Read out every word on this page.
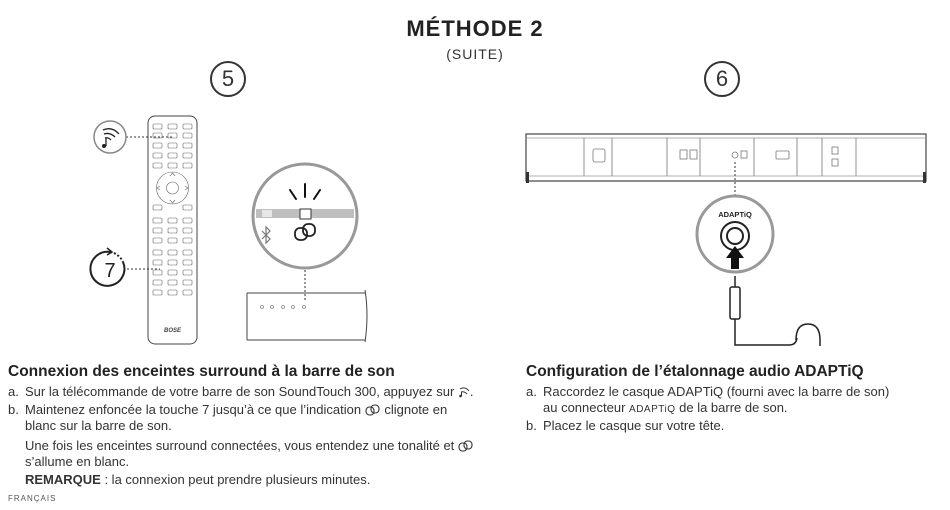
MÉTHODE 2
(SUITE)
5	6
BOSE
7
ADAPTiQ
Connexion des enceintes surround à la barre de son
a. Sur la télécommande de votre barre de son SoundTouch 300, appuyez sur .
b. Maintenez enfoncée la touche 7 jusqu’à ce que l’indication clignote en
blanc sur la barre de son.
Une fois les enceintes surround connectées, vous entendez une tonalité et
s’allume en blanc.
REMARQUE : la connexion peut prendre plusieurs minutes.
Configuration de l’étalonnage audio ADAPTiQ
a. Raccordez le casque ADAPTiQ (fourni avec la barre de son)
au connecteur ADAPTiQ de la barre de son.
b. Placez le casque sur votre tête.
FRANÇAIS
